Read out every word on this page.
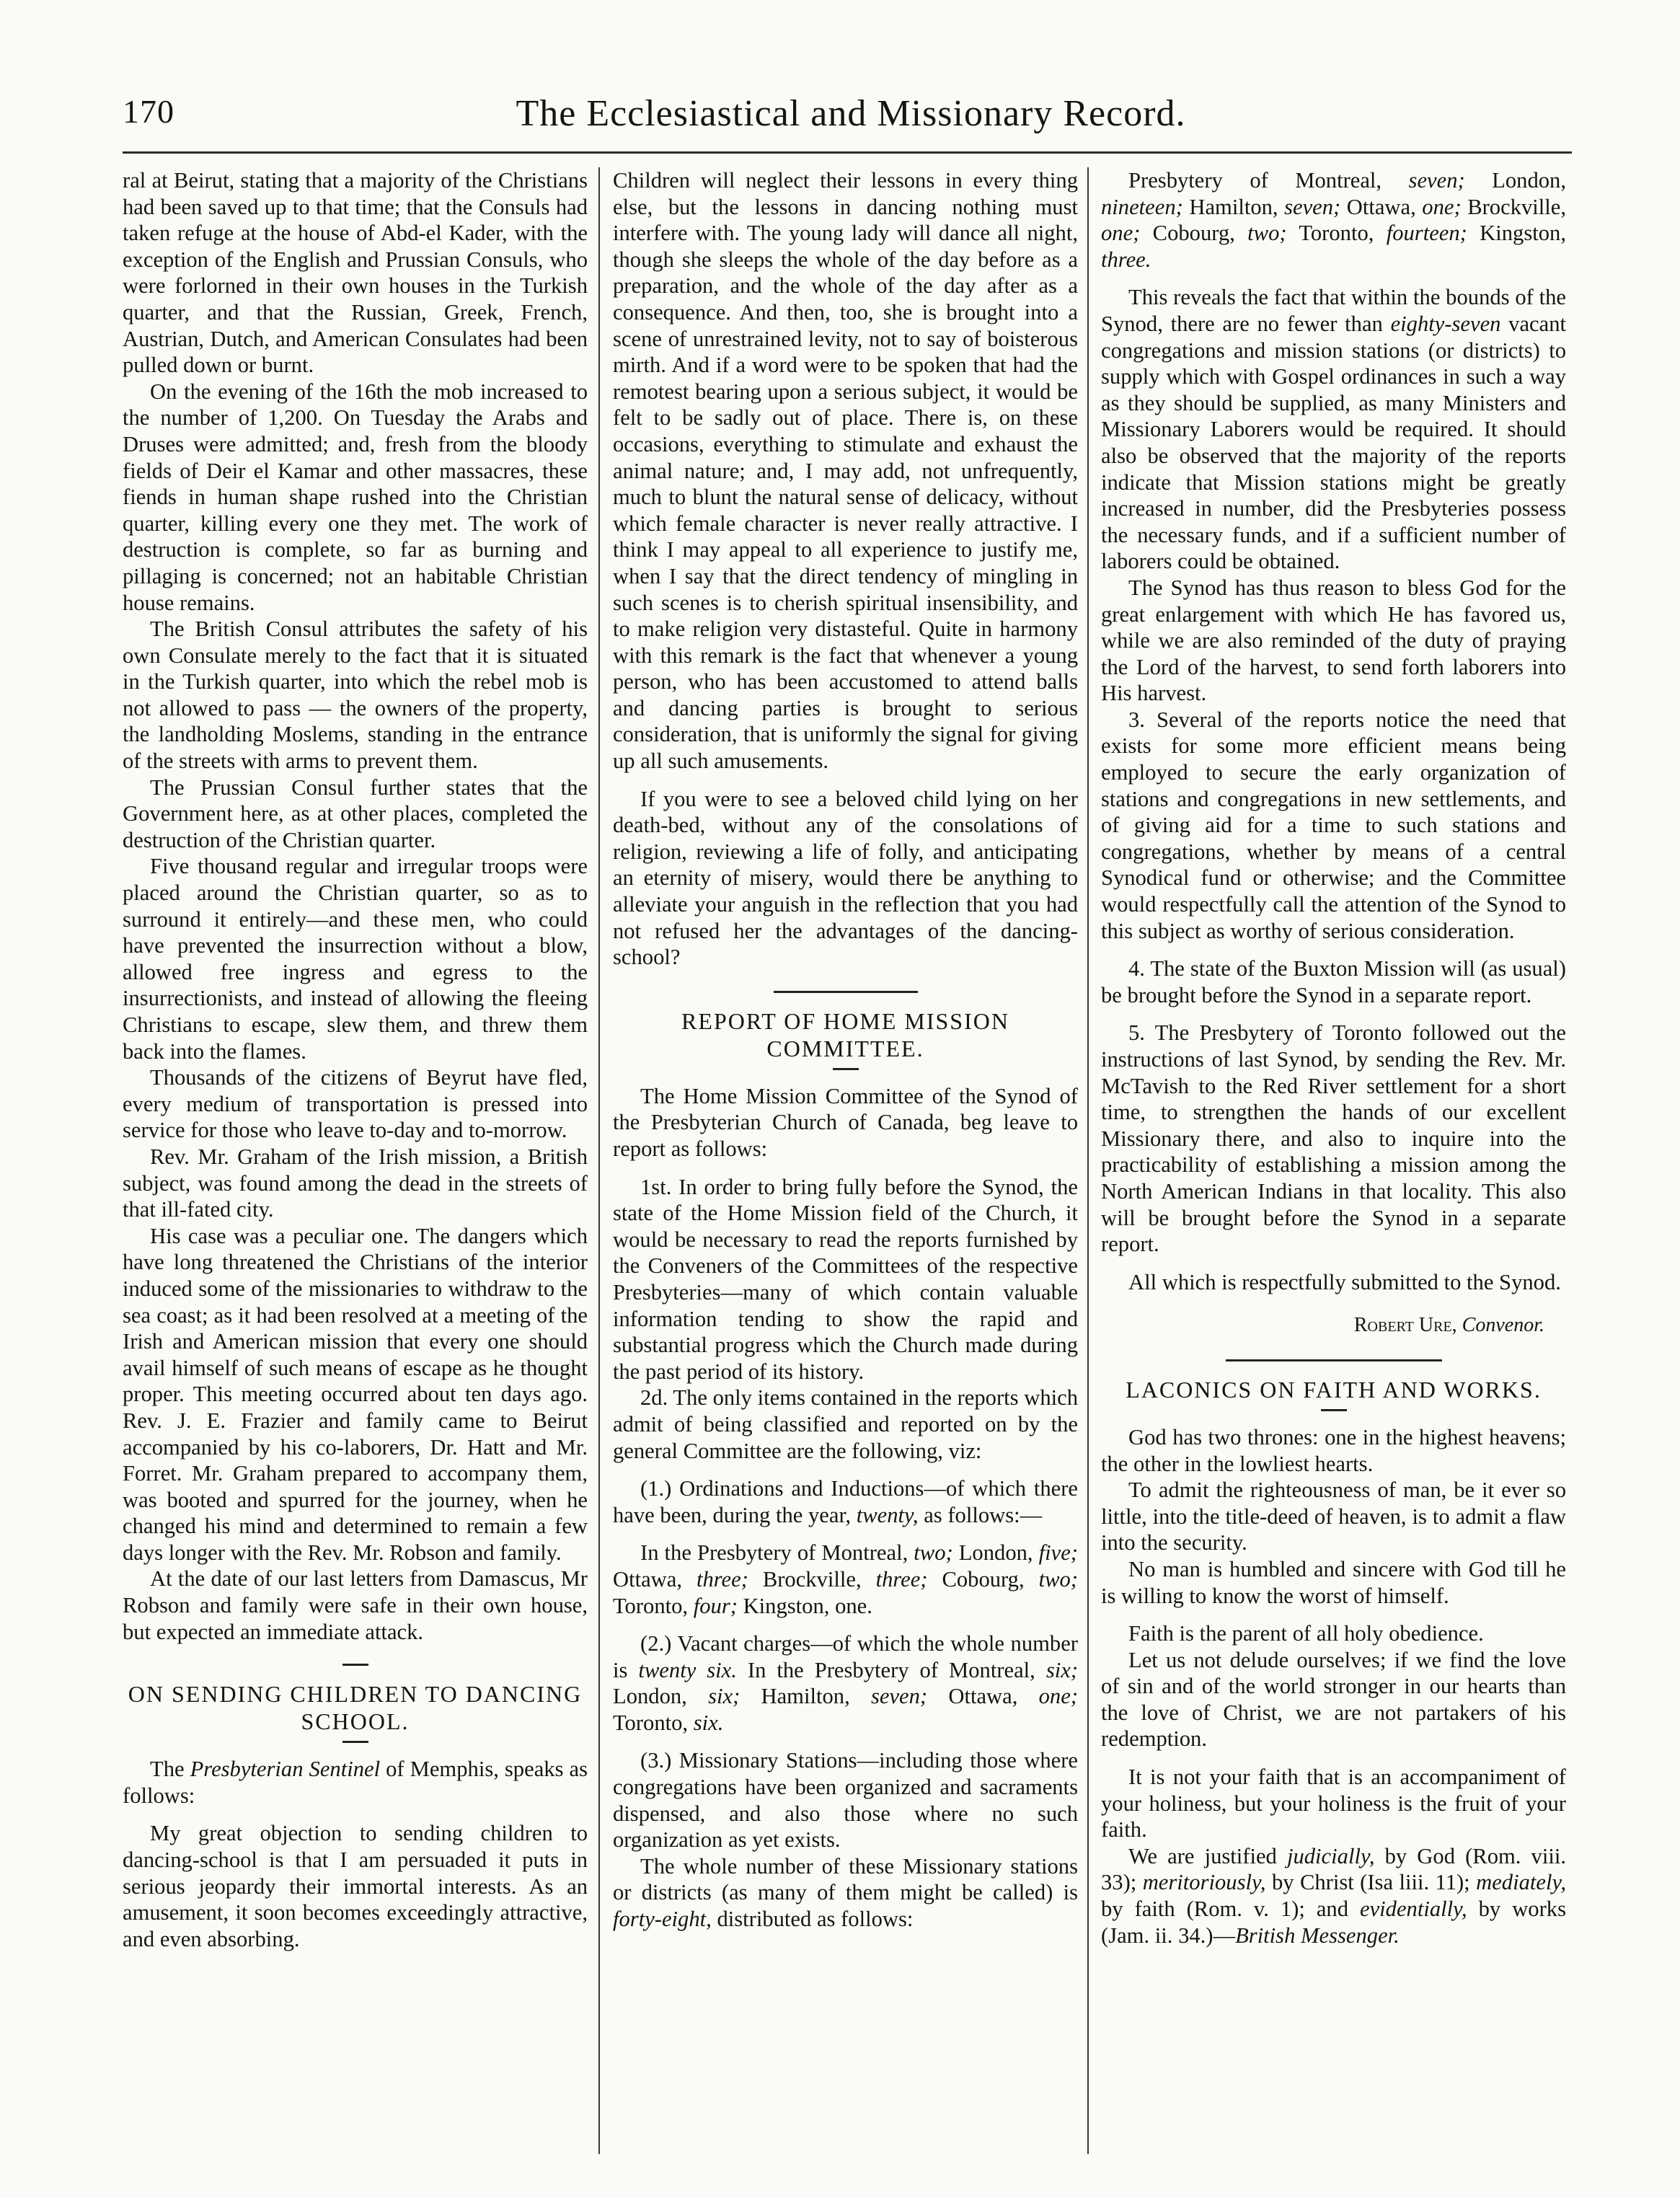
170	The Ecclesiastical and Missionary Record.

ral at Beirut, stating that a majority of the Christians had been saved up to that time; that the Consuls had taken refuge at the house of Abd-el Kader, with the exception of the English and Prussian Consuls, who were forlorned in their own houses in the Turkish quarter, and that the Russian, Greek, French, Austrian, Dutch, and American Consulates had been pulled down or burnt.

On the evening of the 16th the mob increased to the number of 1,200. On Tuesday the Arabs and Druses were admitted; and, fresh from the bloody fields of Deir el Kamar and other massacres, these fiends in human shape rushed into the Christian quarter, killing every one they met. The work of destruction is complete, so far as burning and pillaging is concerned; not an habitable Christian house remains.

The British Consul attributes the safety of his own Consulate merely to the fact that it is situated in the Turkish quarter, into which the rebel mob is not allowed to pass — the owners of the property, the landholding Moslems, standing in the entrance of the streets with arms to prevent them.

The Prussian Consul further states that the Government here, as at other places, completed the destruction of the Christian quarter.

Five thousand regular and irregular troops were placed around the Christian quarter, so as to surround it entirely—and these men, who could have prevented the insurrection without a blow, allowed free ingress and egress to the insurrectionists, and instead of allowing the fleeing Christians to escape, slew them, and threw them back into the flames.

Thousands of the citizens of Beyrut have fled, every medium of transportation is pressed into service for those who leave to-day and to-morrow.

Rev. Mr. Graham of the Irish mission, a British subject, was found among the dead in the streets of that ill-fated city.

His case was a peculiar one. The dangers which have long threatened the Christians of the interior induced some of the missionaries to withdraw to the sea coast; as it had been resolved at a meeting of the Irish and American mission that every one should avail himself of such means of escape as he thought proper. This meeting occurred about ten days ago. Rev. J. E. Frazier and family came to Beirut accompanied by his co-laborers, Dr. Hatt and Mr. Forret. Mr. Graham prepared to accompany them, was booted and spurred for the journey, when he changed his mind and determined to remain a few days longer with the Rev. Mr. Robson and family.

At the date of our last letters from Damascus, Mr Robson and family were safe in their own house, but expected an immediate attack.

ON SENDING CHILDREN TO DANCING SCHOOL.

The Presbyterian Sentinel of Memphis, speaks as follows:

My great objection to sending children to dancing-school is that I am persuaded it puts in serious jeopardy their immortal interests. As an amusement, it soon becomes exceedingly attractive, and even absorbing.

Children will neglect their lessons in every thing else, but the lessons in dancing nothing must interfere with. The young lady will dance all night, though she sleeps the whole of the day before as a preparation, and the whole of the day after as a consequence. And then, too, she is brought into a scene of unrestrained levity, not to say of boisterous mirth. And if a word were to be spoken that had the remotest bearing upon a serious subject, it would be felt to be sadly out of place. There is, on these occasions, everything to stimulate and exhaust the animal nature; and, I may add, not unfrequently, much to blunt the natural sense of delicacy, without which female character is never really attractive. I think I may appeal to all experience to justify me, when I say that the direct tendency of mingling in such scenes is to cherish spiritual insensibility, and to make religion very distasteful. Quite in harmony with this remark is the fact that whenever a young person, who has been accustomed to attend balls and dancing parties is brought to serious consideration, that is uniformly the signal for giving up all such amusements.

If you were to see a beloved child lying on her death-bed, without any of the consolations of religion, reviewing a life of folly, and anticipating an eternity of misery, would there be anything to alleviate your anguish in the reflection that you had not refused her the advantages of the dancing-school?

REPORT OF HOME MISSION COMMITTEE.

The Home Mission Committee of the Synod of the Presbyterian Church of Canada, beg leave to report as follows:

1st. In order to bring fully before the Synod, the state of the Home Mission field of the Church, it would be necessary to read the reports furnished by the Conveners of the Committees of the respective Presbyteries—many of which contain valuable information tending to show the rapid and substantial progress which the Church made during the past period of its history.

2d. The only items contained in the reports which admit of being classified and reported on by the general Committee are the following, viz:

(1.) Ordinations and Inductions—of which there have been, during the year, twenty, as follows:—

In the Presbytery of Montreal, two; London, five; Ottawa, three; Brockville, three; Cobourg, two; Toronto, four; Kingston, one.

(2.) Vacant charges—of which the whole number is twenty six. In the Presbytery of Montreal, six; London, six; Hamilton, seven; Ottawa, one; Toronto, six.

(3.) Missionary Stations—including those where congregations have been organized and sacraments dispensed, and also those where no such organization as yet exists.

The whole number of these Missionary stations or districts (as many of them might be called) is forty-eight, distributed as follows:

Presbytery of Montreal, seven; London, nineteen; Hamilton, seven; Ottawa, one; Brockville, one; Cobourg, two; Toronto, fourteen; Kingston, three.

This reveals the fact that within the bounds of the Synod, there are no fewer than eighty-seven vacant congregations and mission stations (or districts) to supply which with Gospel ordinances in such a way as they should be supplied, as many Ministers and Missionary Laborers would be required. It should also be observed that the majority of the reports indicate that Mission stations might be greatly increased in number, did the Presbyteries possess the necessary funds, and if a sufficient number of laborers could be obtained.

The Synod has thus reason to bless God for the great enlargement with which He has favored us, while we are also reminded of the duty of praying the Lord of the harvest, to send forth laborers into His harvest.

3. Several of the reports notice the need that exists for some more efficient means being employed to secure the early organization of stations and congregations in new settlements, and of giving aid for a time to such stations and congregations, whether by means of a central Synodical fund or otherwise; and the Committee would respectfully call the attention of the Synod to this subject as worthy of serious consideration.

4. The state of the Buxton Mission will (as usual) be brought before the Synod in a separate report.

5. The Presbytery of Toronto followed out the instructions of last Synod, by sending the Rev. Mr. McTavish to the Red River settlement for a short time, to strengthen the hands of our excellent Missionary there, and also to inquire into the practicability of establishing a mission among the North American Indians in that locality. This also will be brought before the Synod in a separate report.

All which is respectfully submitted to the Synod.

Robert Ure, Convenor.
LACONICS ON FAITH AND WORKS.

God has two thrones: one in the highest heavens; the other in the lowliest hearts.

To admit the righteousness of man, be it ever so little, into the title-deed of heaven, is to admit a flaw into the security.

No man is humbled and sincere with God till he is willing to know the worst of himself.

Faith is the parent of all holy obedience.

Let us not delude ourselves; if we find the love of sin and of the world stronger in our hearts than the love of Christ, we are not partakers of his redemption.

It is not your faith that is an accompaniment of your holiness, but your holiness is the fruit of your faith.

We are justified judicially, by God (Rom. viii. 33); meritoriously, by Christ (Isa liii. 11); mediately, by faith (Rom. v. 1); and evidentially, by works (Jam. ii. 34.)—British Messenger.
